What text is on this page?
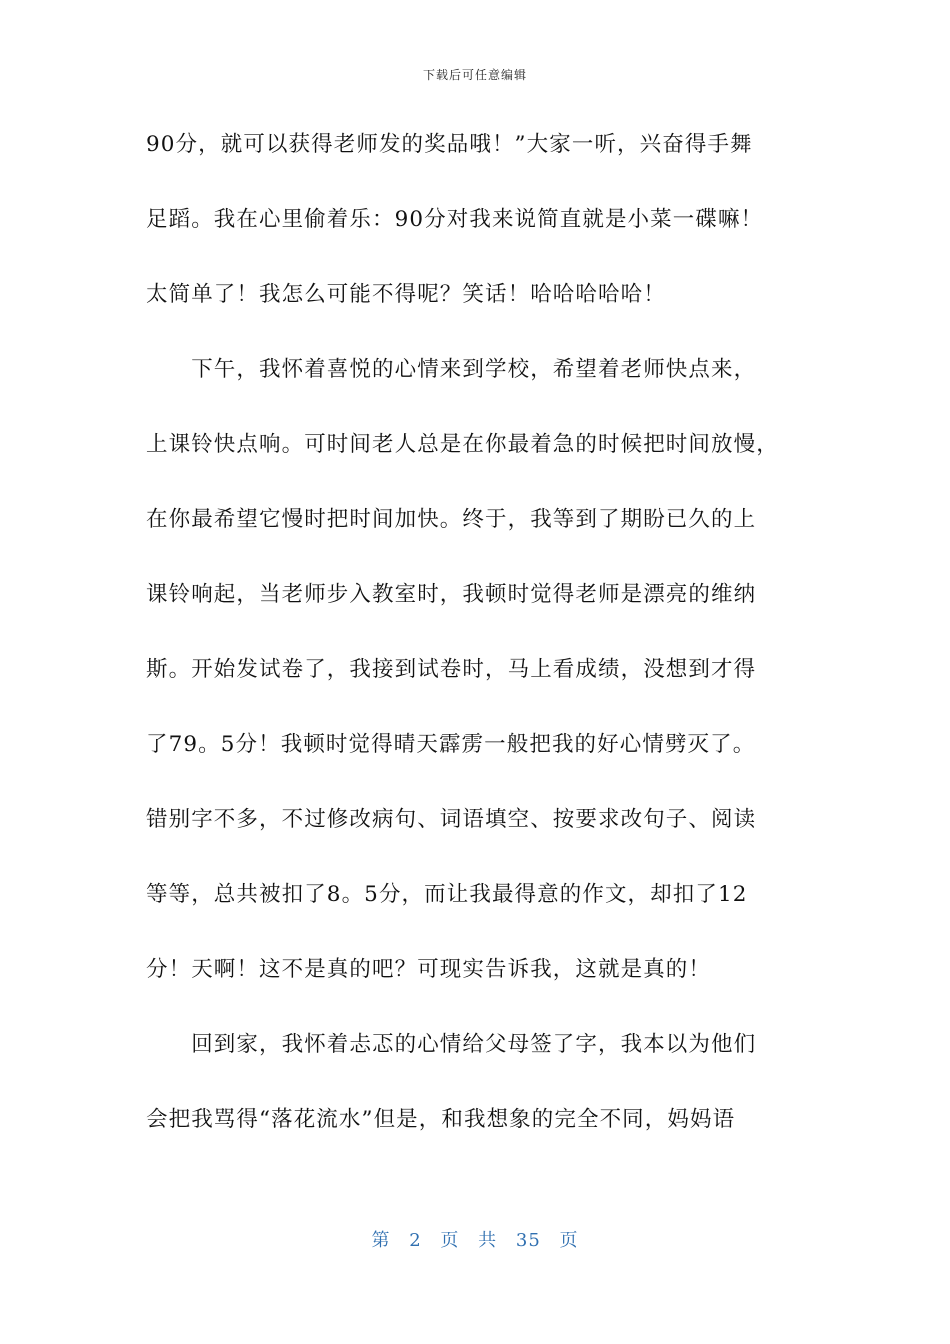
下载后可任意编辑
90分，就可以获得老师发的奖品哦！”大家一听，兴奋得手舞
足蹈。我在心里偷着乐：90分对我来说简直就是小菜一碟嘛！
太简单了！我怎么可能不得呢？笑话！哈哈哈哈哈！
　　下午，我怀着喜悦的心情来到学校，希望着老师快点来，
上课铃快点响。可时间老人总是在你最着急的时候把时间放慢，
在你最希望它慢时把时间加快。终于，我等到了期盼已久的上
课铃响起，当老师步入教室时，我顿时觉得老师是漂亮的维纳
斯。开始发试卷了，我接到试卷时，马上看成绩，没想到才得
了79。5分！我顿时觉得晴天霹雳一般把我的好心情劈灭了。
错别字不多，不过修改病句、词语填空、按要求改句子、阅读
等等，总共被扣了8。5分，而让我最得意的作文，却扣了12
分！天啊！这不是真的吧？可现实告诉我，这就是真的！
　　回到家，我怀着忐忑的心情给父母签了字，我本以为他们
会把我骂得“落花流水”但是，和我想象的完全不同，妈妈语
第 2 页 共 35 页
